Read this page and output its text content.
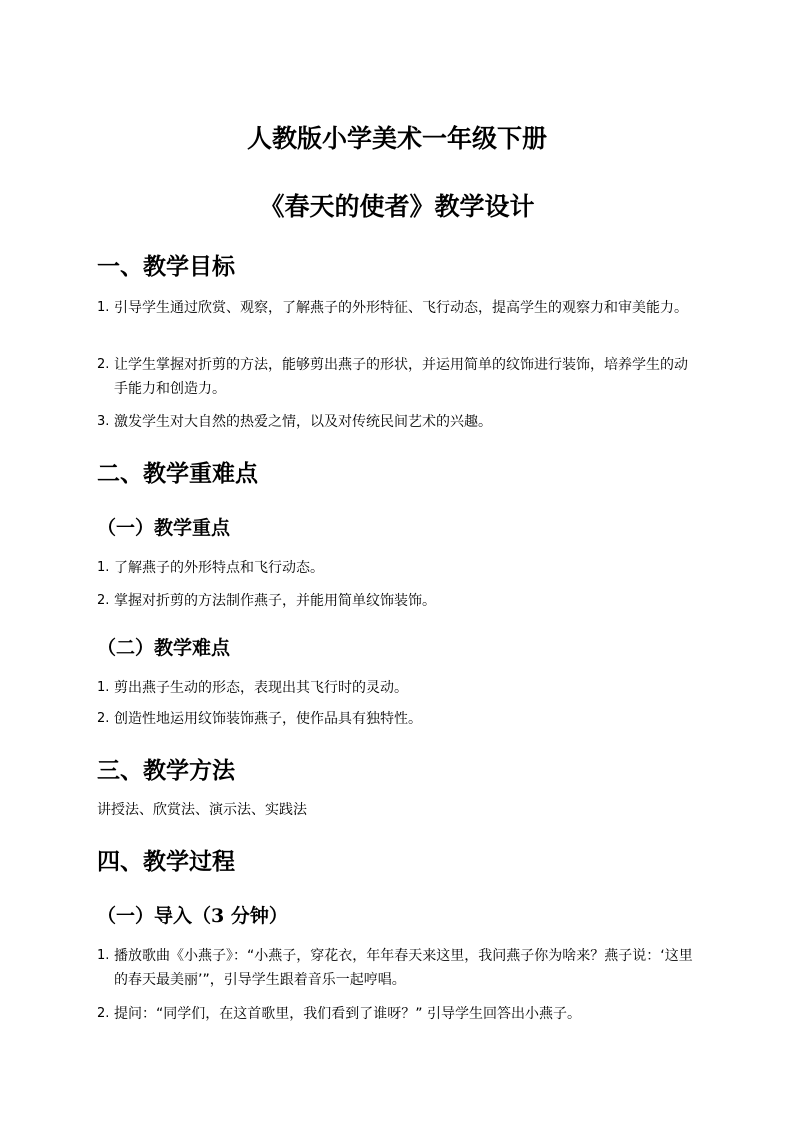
人教版小学美术一年级下册
《春天的使者》教学设计
一、教学目标
1. 引导学生通过欣赏、观察，了解燕子的外形特征、飞行动态，提高学生的观察力和审美能力。
2. 让学生掌握对折剪的方法，能够剪出燕子的形状，并运用简单的纹饰进行装饰，培养学生的动手能力和创造力。
3. 激发学生对大自然的热爱之情，以及对传统民间艺术的兴趣。
二、教学重难点
（一）教学重点
1. 了解燕子的外形特点和飞行动态。
2. 掌握对折剪的方法制作燕子，并能用简单纹饰装饰。
（二）教学难点
1. 剪出燕子生动的形态，表现出其飞行时的灵动。
2. 创造性地运用纹饰装饰燕子，使作品具有独特性。
三、教学方法

讲授法、欣赏法、演示法、实践法

四、教学过程
（一）导入（3 分钟）
1. 播放歌曲《小燕子》：“小燕子，穿花衣，年年春天来这里，我问燕子你为啥来？燕子说：‘这里的春天最美丽’”，引导学生跟着音乐一起哼唱。
2. 提问：“同学们，在这首歌里，我们看到了谁呀？” 引导学生回答出小燕子。
